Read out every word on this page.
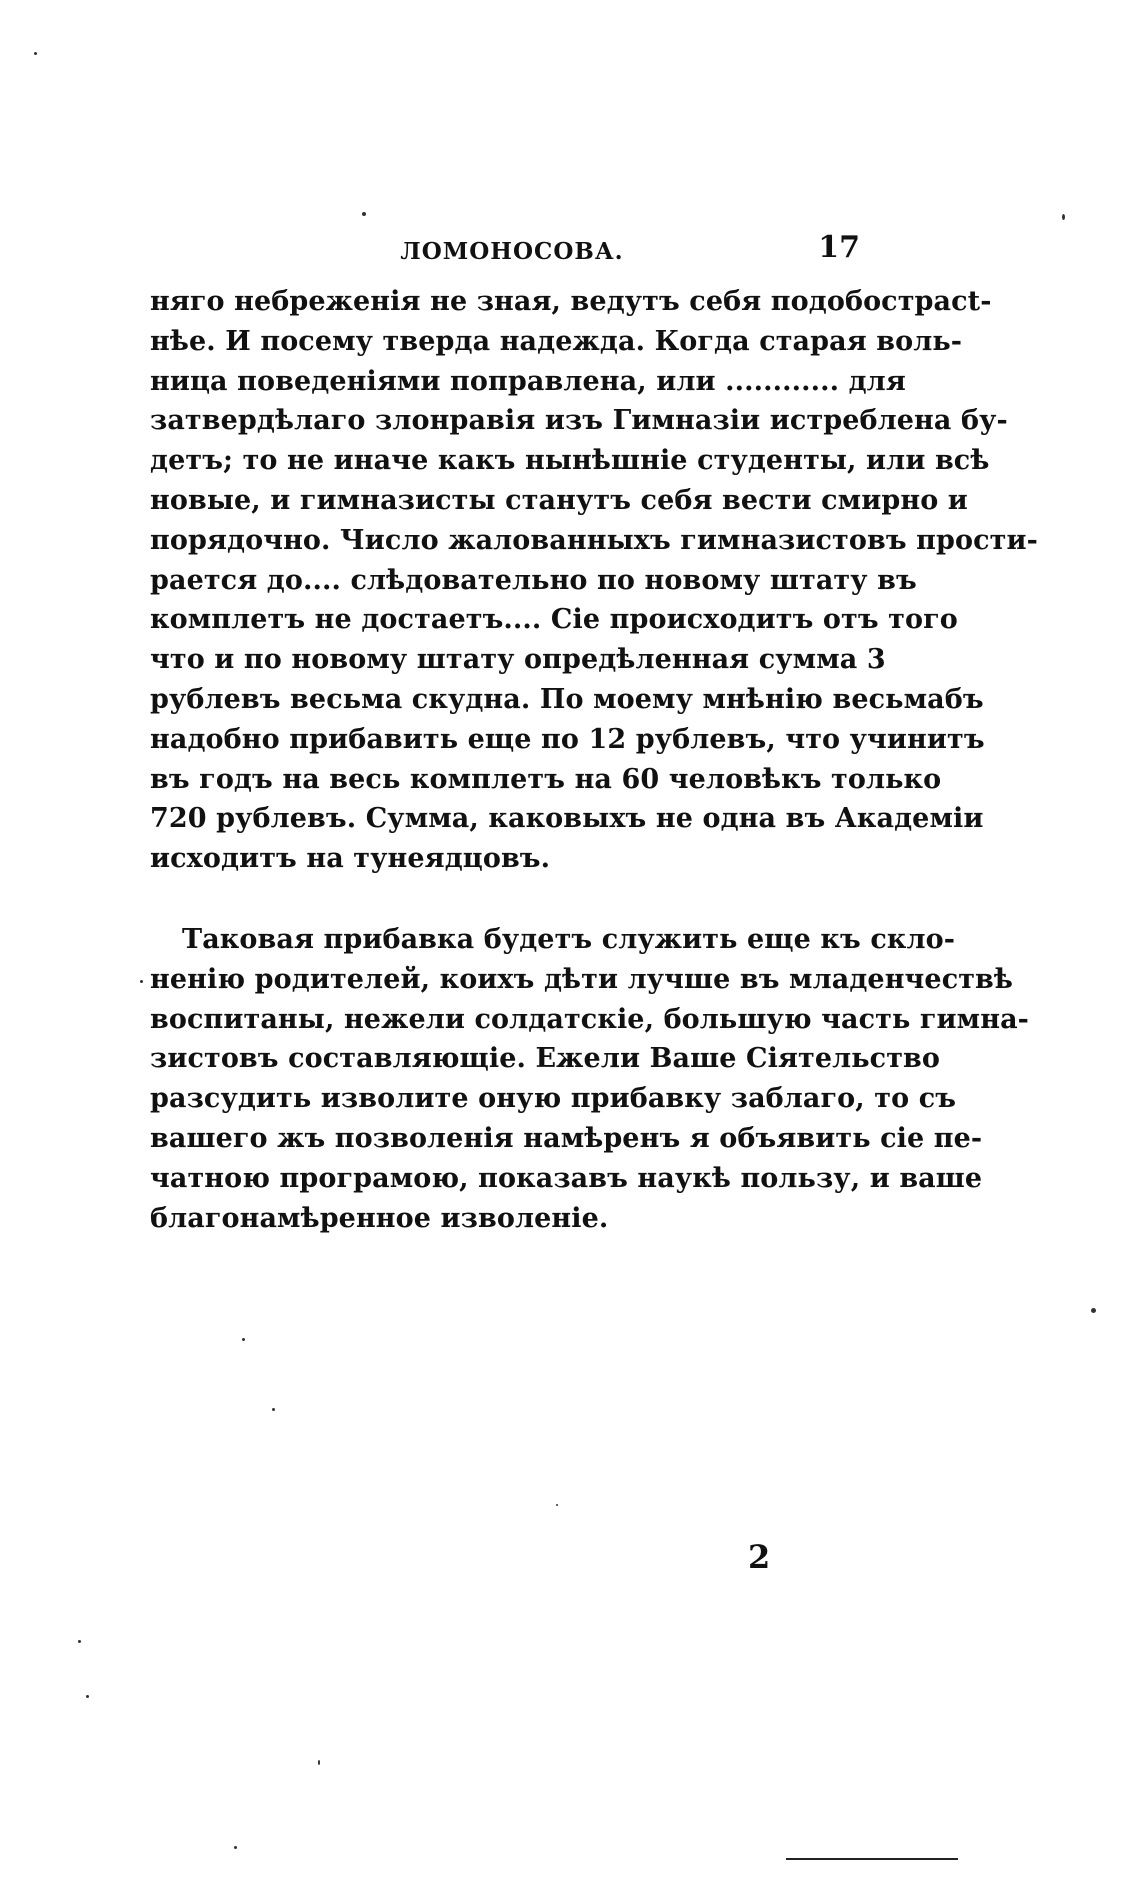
ЛОМОНОСОВА.	17
няго небреженія не зная, ведутъ себя подобострасt-
нѣе. И посему тверда надежда. Когда старая воль-
ница поведеніями поправлена, или ............ для
затвердѣлаго злонравія изъ Гимназіи истреблена бу-
детъ; то не иначе какъ нынѣшніе студенты, или всѣ
новые, и гимназисты станутъ себя вести смирно и
порядочно. Число жалованныхъ гимназистовъ прости-
рается до.... слѣдовательно по новому штату въ
комплетъ не достаетъ.... Сіе происходитъ отъ того
что и по новому штату опредѣленная сумма 3
рублевъ весьма скудна. По моему мнѣнію весьмабъ
надобно прибавить еще по 12 рублевъ, что учинитъ
въ годъ на весь комплетъ на 60 человѣкъ только
720 рублевъ. Сумма, каковыхъ не одна въ Академіи
исходитъ на тунеядцовъ.
Таковая прибавка будетъ служить еще къ скло-
ненію родителей, коихъ дѣти лучше въ младенчествѣ
воспитаны, нежели солдатскіе, большую часть гимна-
зистовъ составляющіе. Ежели Ваше Сіятельство
разсудить изволите оную прибавку заблаго, то съ
вашего жъ позволенія намѣренъ я объявить сіе пе-
чатною програмою, показавъ наукѣ пользу, и ваше
благонамѣренное изволеніе.
2
